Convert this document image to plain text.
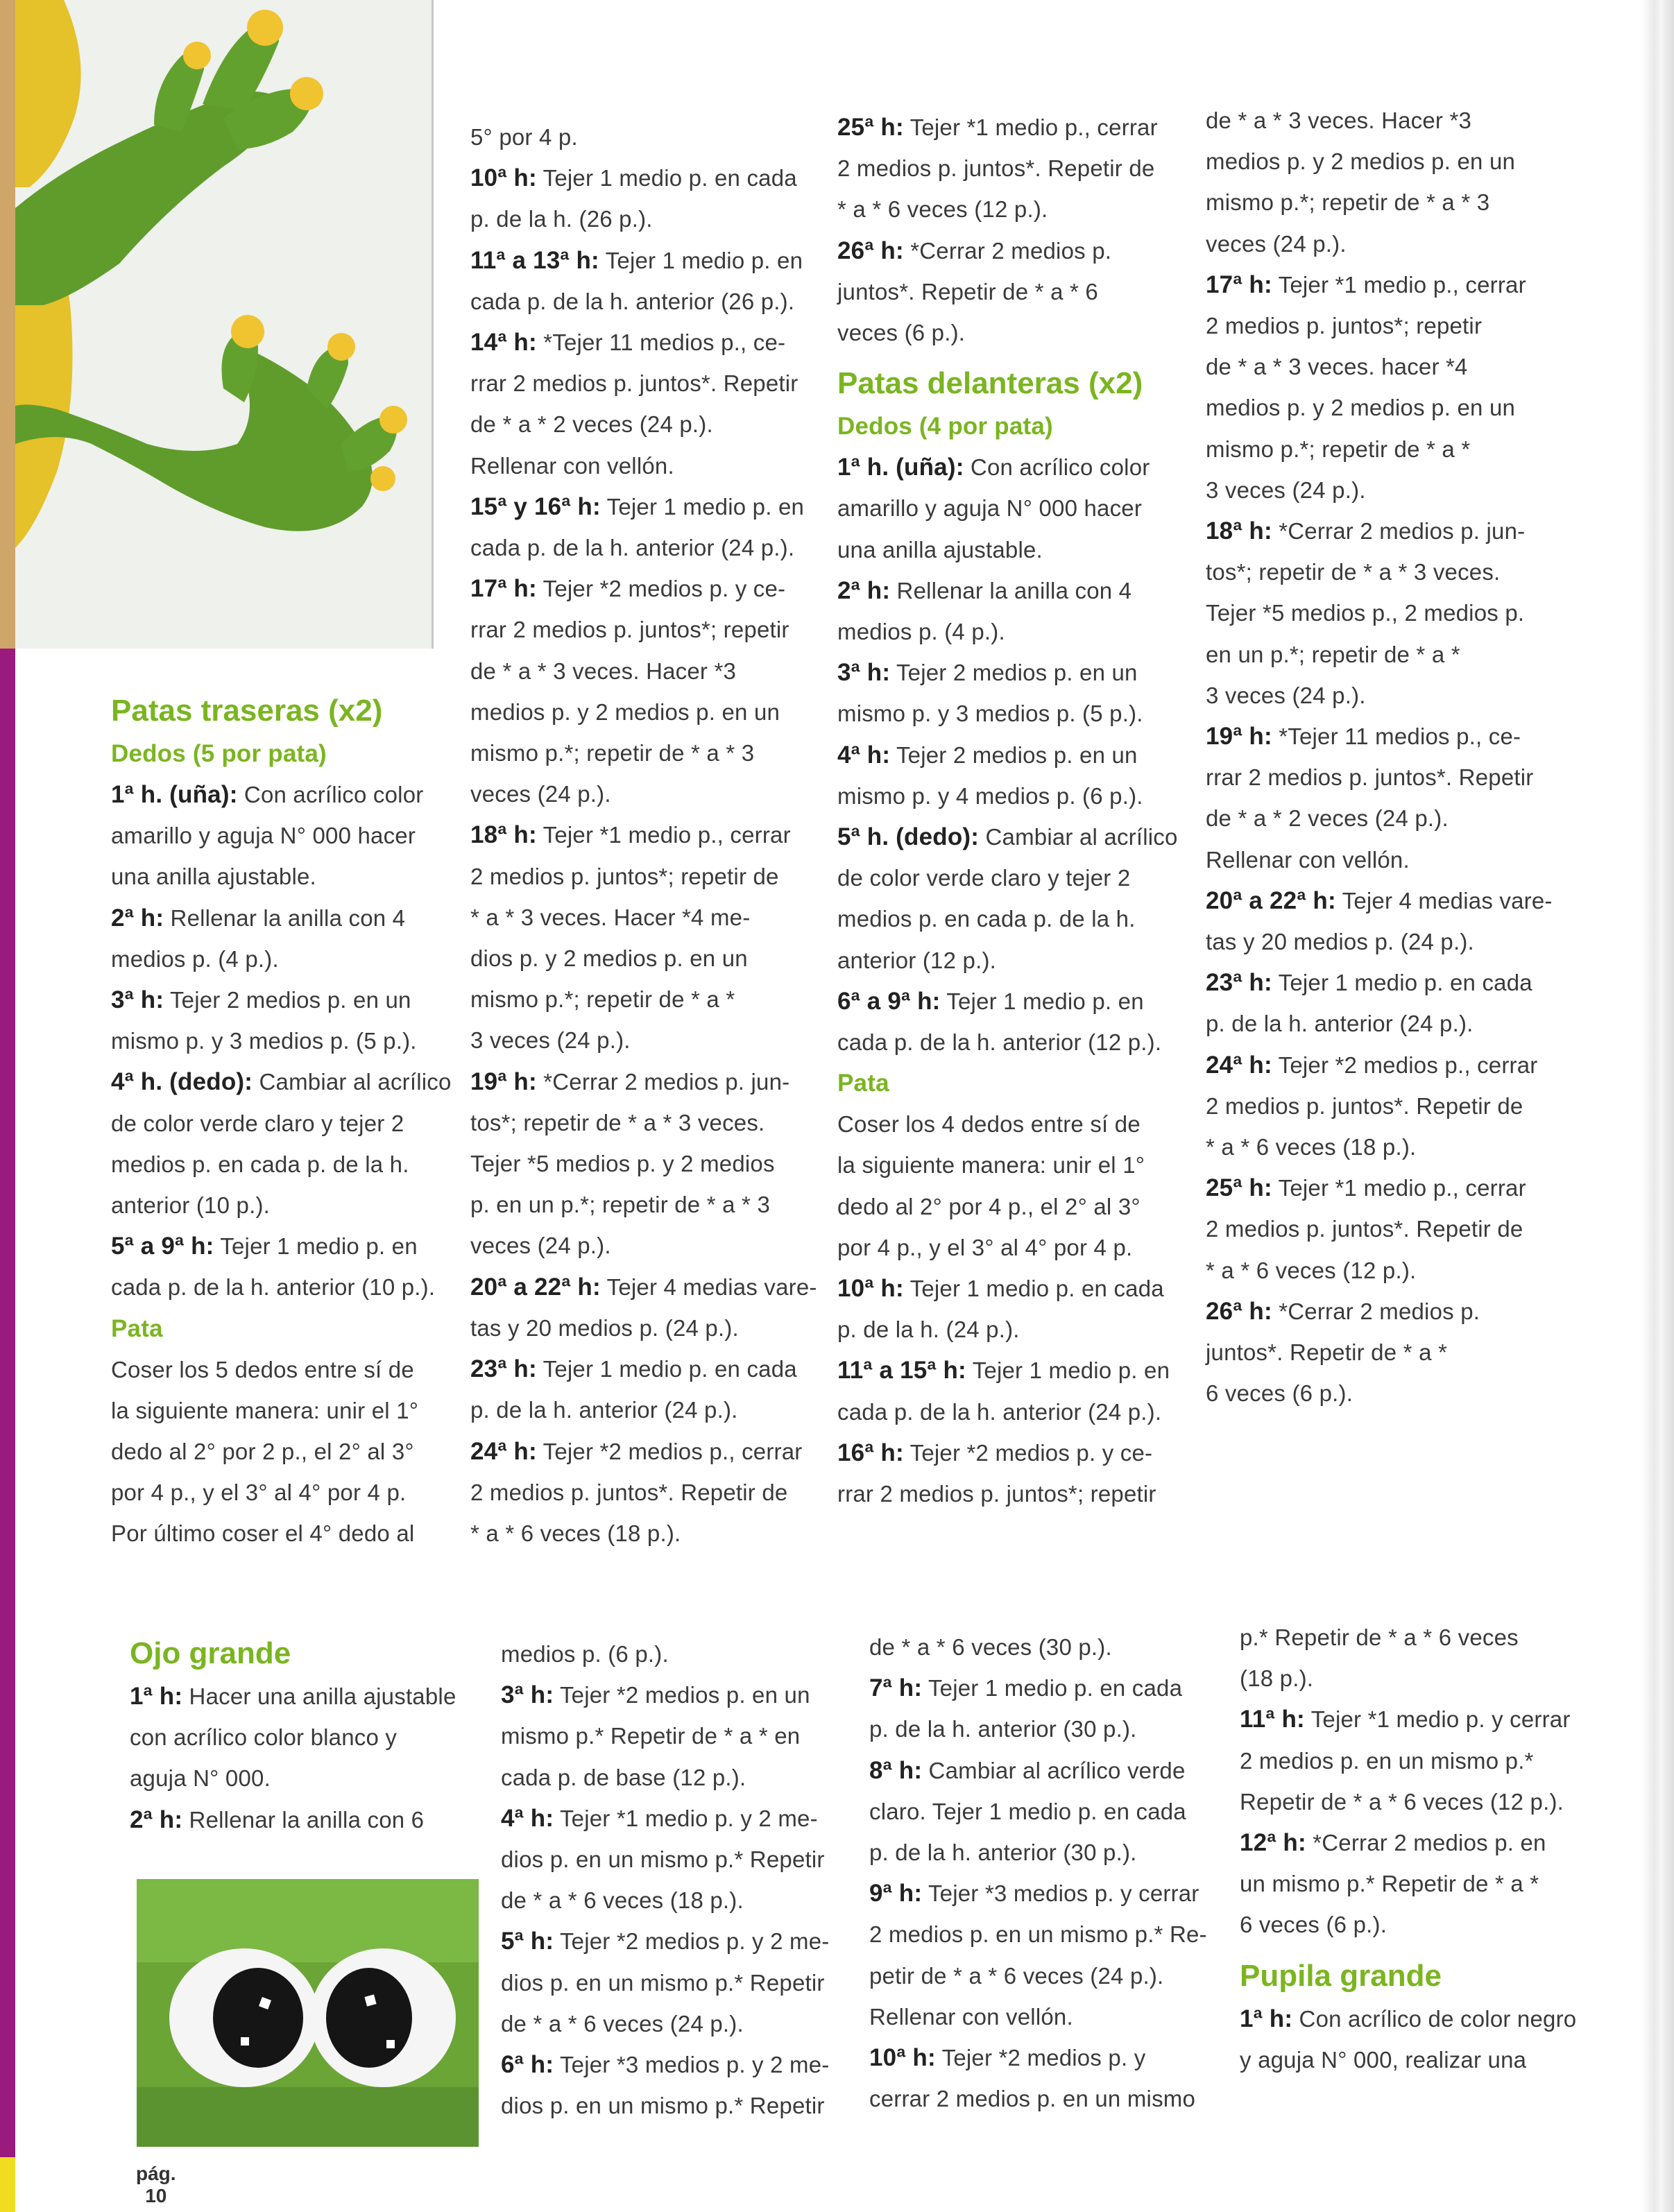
Patas traseras (x2)

Dedos (5 por pata)

1ª h. (uña): Con acrílico color

amarillo y aguja N° 000 hacer

una anilla ajustable.

2ª h: Rellenar la anilla con 4

medios p. (4 p.).

3ª h: Tejer 2 medios p. en un

mismo p. y 3 medios p. (5 p.).

4ª h. (dedo): Cambiar al acrílico

de color verde claro y tejer 2

medios p. en cada p. de la h.

anterior (10 p.).

5ª a 9ª h: Tejer 1 medio p. en

cada p. de la h. anterior (10 p.).

Pata

Coser los 5 dedos entre sí de

la siguiente manera: unir el 1°

dedo al 2° por 2 p., el 2° al 3°

por 4 p., y el 3° al 4° por 4 p.

Por último coser el 4° dedo al

5° por 4 p.

10ª h: Tejer 1 medio p. en cada

p. de la h. (26 p.).

11ª a 13ª h: Tejer 1 medio p. en

cada p. de la h. anterior (26 p.).

14ª h: *Tejer 11 medios p., ce-

rrar 2 medios p. juntos*. Repetir

de * a * 2 veces (24 p.).

Rellenar con vellón.

15ª y 16ª h: Tejer 1 medio p. en

cada p. de la h. anterior (24 p.).

17ª h: Tejer *2 medios p. y ce-

rrar 2 medios p. juntos*; repetir

de * a * 3 veces. Hacer *3

medios p. y 2 medios p. en un

mismo p.*; repetir de * a * 3

veces (24 p.).

18ª h: Tejer *1 medio p., cerrar

2 medios p. juntos*; repetir de

* a * 3 veces. Hacer *4 me-

dios p. y 2 medios p. en un

mismo p.*; repetir de * a *

3 veces (24 p.).

19ª h: *Cerrar 2 medios p. jun-

tos*; repetir de * a * 3 veces.

Tejer *5 medios p. y 2 medios

p. en un p.*; repetir de * a * 3

veces (24 p.).

20ª a 22ª h: Tejer 4 medias vare-

tas y 20 medios p. (24 p.).

23ª h: Tejer 1 medio p. en cada

p. de la h. anterior (24 p.).

24ª h: Tejer *2 medios p., cerrar

2 medios p. juntos*. Repetir de

* a * 6 veces (18 p.).

25ª h: Tejer *1 medio p., cerrar

2 medios p. juntos*. Repetir de

* a * 6 veces (12 p.).

26ª h: *Cerrar 2 medios p.

juntos*. Repetir de * a * 6

veces (6 p.).

Patas delanteras (x2)

Dedos (4 por pata)

1ª h. (uña): Con acrílico color

amarillo y aguja N° 000 hacer

una anilla ajustable.

2ª h: Rellenar la anilla con 4

medios p. (4 p.).

3ª h: Tejer 2 medios p. en un

mismo p. y 3 medios p. (5 p.).

4ª h: Tejer 2 medios p. en un

mismo p. y 4 medios p. (6 p.).

5ª h. (dedo): Cambiar al acrílico

de color verde claro y tejer 2

medios p. en cada p. de la h.

anterior (12 p.).

6ª a 9ª h: Tejer 1 medio p. en

cada p. de la h. anterior (12 p.).

Pata

Coser los 4 dedos entre sí de

la siguiente manera: unir el 1°

dedo al 2° por 4 p., el 2° al 3°

por 4 p., y el 3° al 4° por 4 p.

10ª h: Tejer 1 medio p. en cada

p. de la h. (24 p.).

11ª a 15ª h: Tejer 1 medio p. en

cada p. de la h. anterior (24 p.).

16ª h: Tejer *2 medios p. y ce-

rrar 2 medios p. juntos*; repetir

de * a * 3 veces. Hacer *3

medios p. y 2 medios p. en un

mismo p.*; repetir de * a * 3

veces (24 p.).

17ª h: Tejer *1 medio p., cerrar

2 medios p. juntos*; repetir

de * a * 3 veces. hacer *4

medios p. y 2 medios p. en un

mismo p.*; repetir de * a *

3 veces (24 p.).

18ª h: *Cerrar 2 medios p. jun-

tos*; repetir de * a * 3 veces.

Tejer *5 medios p., 2 medios p.

en un p.*; repetir de * a *

3 veces (24 p.).

19ª h: *Tejer 11 medios p., ce-

rrar 2 medios p. juntos*. Repetir

de * a * 2 veces (24 p.).

Rellenar con vellón.

20ª a 22ª h: Tejer 4 medias vare-

tas y 20 medios p. (24 p.).

23ª h: Tejer 1 medio p. en cada

p. de la h. anterior (24 p.).

24ª h: Tejer *2 medios p., cerrar

2 medios p. juntos*. Repetir de

* a * 6 veces (18 p.).

25ª h: Tejer *1 medio p., cerrar

2 medios p. juntos*. Repetir de

* a * 6 veces (12 p.).

26ª h: *Cerrar 2 medios p.

juntos*. Repetir de * a *

6 veces (6 p.).

Ojo grande

1ª h: Hacer una anilla ajustable

con acrílico color blanco y

aguja N° 000.

2ª h: Rellenar la anilla con 6

medios p. (6 p.).

3ª h: Tejer *2 medios p. en un

mismo p.* Repetir de * a * en

cada p. de base (12 p.).

4ª h: Tejer *1 medio p. y 2 me-

dios p. en un mismo p.* Repetir

de * a * 6 veces (18 p.).

5ª h: Tejer *2 medios p. y 2 me-

dios p. en un mismo p.* Repetir

de * a * 6 veces (24 p.).

6ª h: Tejer *3 medios p. y 2 me-

dios p. en un mismo p.* Repetir

de * a * 6 veces (30 p.).

7ª h: Tejer 1 medio p. en cada

p. de la h. anterior (30 p.).

8ª h: Cambiar al acrílico verde

claro. Tejer 1 medio p. en cada

p. de la h. anterior (30 p.).

9ª h: Tejer *3 medios p. y cerrar

2 medios p. en un mismo p.* Re-

petir de * a * 6 veces (24 p.).

Rellenar con vellón.

10ª h: Tejer *2 medios p. y

cerrar 2 medios p. en un mismo

p.* Repetir de * a * 6 veces

(18 p.).

11ª h: Tejer *1 medio p. y cerrar

2 medios p. en un mismo p.*

Repetir de * a * 6 veces (12 p.).

12ª h: *Cerrar 2 medios p. en

un mismo p.* Repetir de * a *

6 veces (6 p.).

Pupila grande

1ª h: Con acrílico de color negro

y aguja N° 000, realizar una

pág.
10
